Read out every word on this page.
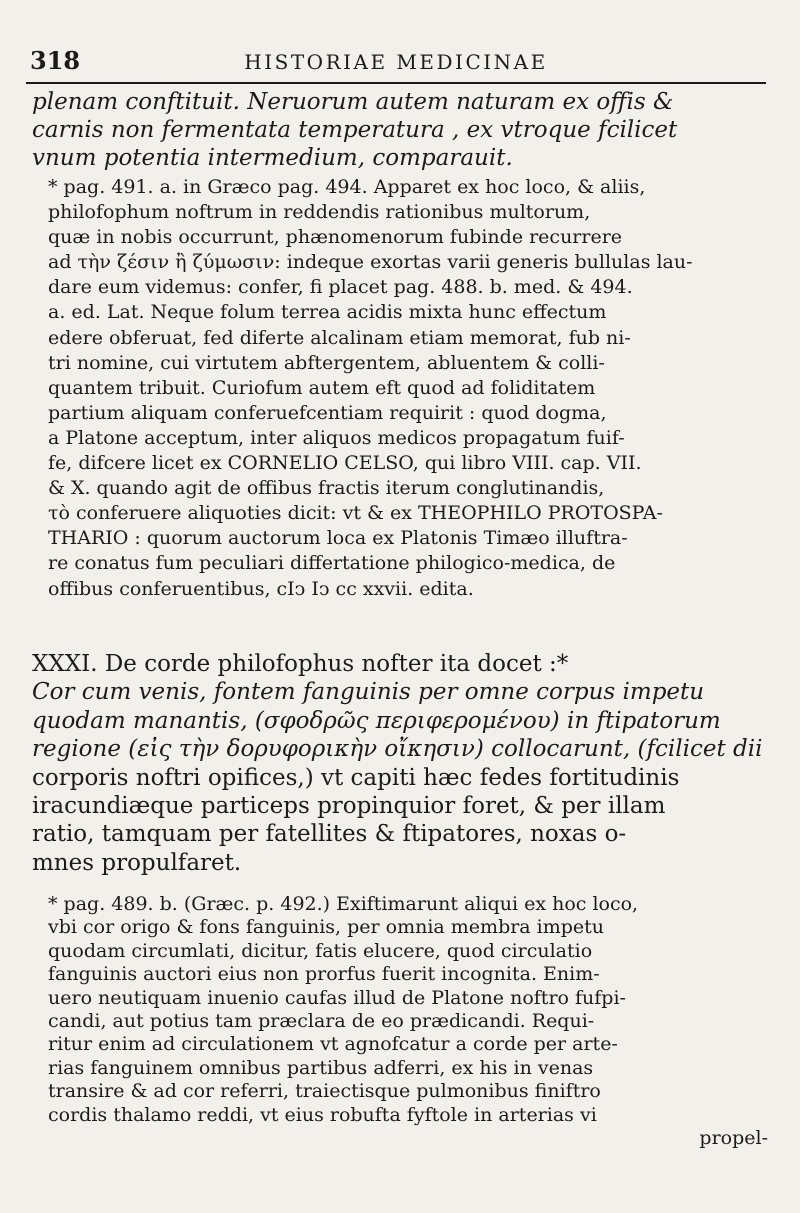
318	HISTORIAE MEDICINAE
plenam conftituit. Neruorum autem naturam ex offis &
carnis non fermentata temperatura , ex vtroque fcilicet
vnum potentia intermedium, comparauit.
* pag. 491. a. in Græco pag. 494. Apparet ex hoc loco, & aliis,
philofophum noftrum in reddendis rationibus multorum,
quæ in nobis occurrunt, phænomenorum fubinde recurrere
ad τὴν ζέσιν ἢ ζύμωσιν: indeque exortas varii generis bullulas lau-
dare eum videmus: confer, fi placet pag. 488. b. med. & 494.
a. ed. Lat. Neque folum terrea acidis mixta hunc effectum
edere obferuat, fed diferte alcalinam etiam memorat, fub ni-
tri nomine, cui virtutem abftergentem, abluentem & colli-
quantem tribuit. Curiofum autem eft quod ad foliditatem
partium aliquam conferuefcentiam requirit : quod dogma,
a Platone acceptum, inter aliquos medicos propagatum fuif-
fe, difcere licet ex CORNELIO CELSO, qui libro VIII. cap. VII.
& X. quando agit de offibus fractis iterum conglutinandis,
τὸ conferuere aliquoties dicit: vt & ex THEOPHILO PROTOSPA-
THARIO : quorum auctorum loca ex Platonis Timæo illuftra-
re conatus fum peculiari differtatione philogico-medica, de
offibus conferuentibus, cIↄ Iↄ cc xxvii. edita.
XXXI. De corde philofophus nofter ita docet :*
Cor cum venis, fontem fanguinis per omne corpus impetu
quodam manantis, (σφοδρῶς περιφερομένου) in ftipatorum
regione (εἰς τὴν δορυφορικὴν οἴκησιν) collocarunt, (fcilicet dii
corporis noftri opifices,) vt capiti hæc fedes fortitudinis
iracundiæque particeps propinquior foret, & per illam
ratio, tamquam per fatellites & ftipatores, noxas o-
mnes propulfaret.
* pag. 489. b. (Græc. p. 492.) Exiftimarunt aliqui ex hoc loco,
vbi cor origo & fons fanguinis, per omnia membra impetu
quodam circumlati, dicitur, fatis elucere, quod circulatio
fanguinis auctori eius non prorfus fuerit incognita. Enim-
uero neutiquam inuenio caufas illud de Platone noftro fufpi-
candi, aut potius tam præclara de eo prædicandi. Requi-
ritur enim ad circulationem vt agnofcatur a corde per arte-
rias fanguinem omnibus partibus adferri, ex his in venas
transire & ad cor referri, traiectisque pulmonibus finiftro
cordis thalamo reddi, vt eius robufta fyftole in arterias vi
propel-
